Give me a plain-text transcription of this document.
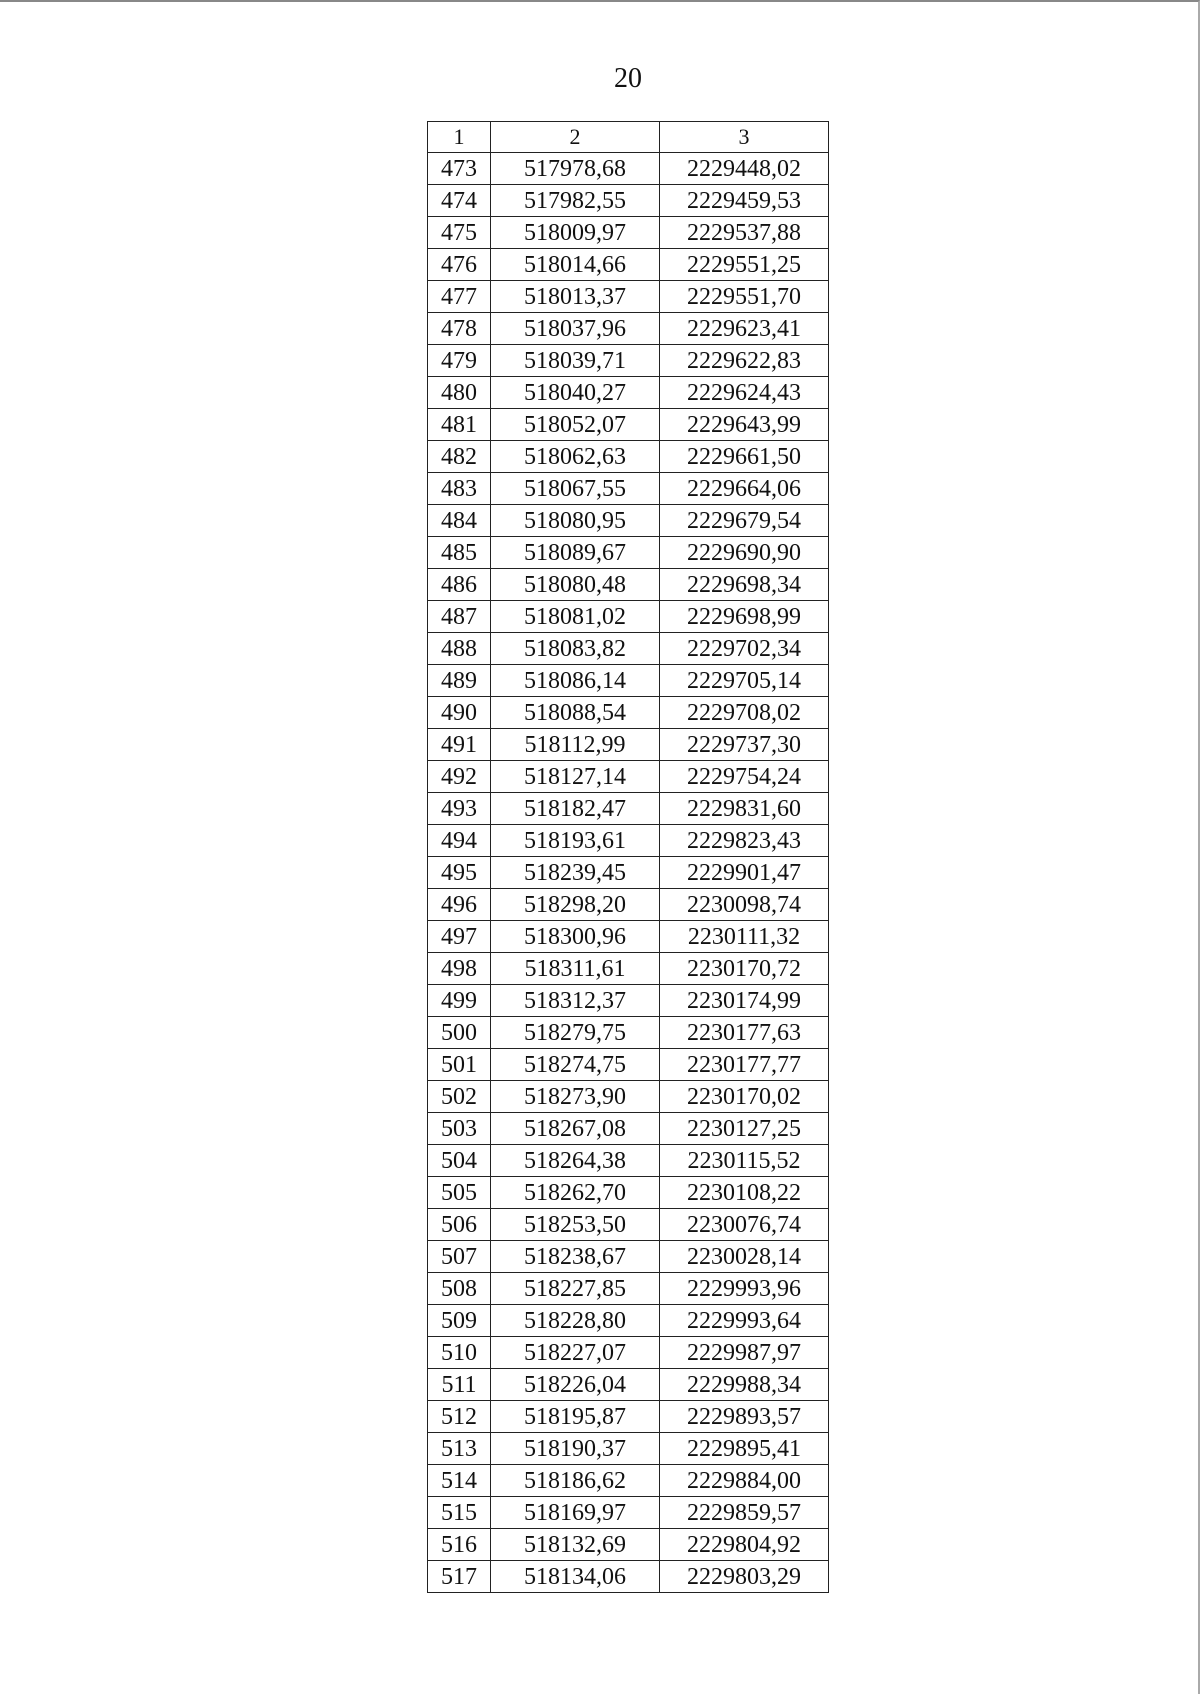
20
1	2	3
473	517978,68	2229448,02
474	517982,55	2229459,53
475	518009,97	2229537,88
476	518014,66	2229551,25
477	518013,37	2229551,70
478	518037,96	2229623,41
479	518039,71	2229622,83
480	518040,27	2229624,43
481	518052,07	2229643,99
482	518062,63	2229661,50
483	518067,55	2229664,06
484	518080,95	2229679,54
485	518089,67	2229690,90
486	518080,48	2229698,34
487	518081,02	2229698,99
488	518083,82	2229702,34
489	518086,14	2229705,14
490	518088,54	2229708,02
491	518112,99	2229737,30
492	518127,14	2229754,24
493	518182,47	2229831,60
494	518193,61	2229823,43
495	518239,45	2229901,47
496	518298,20	2230098,74
497	518300,96	2230111,32
498	518311,61	2230170,72
499	518312,37	2230174,99
500	518279,75	2230177,63
501	518274,75	2230177,77
502	518273,90	2230170,02
503	518267,08	2230127,25
504	518264,38	2230115,52
505	518262,70	2230108,22
506	518253,50	2230076,74
507	518238,67	2230028,14
508	518227,85	2229993,96
509	518228,80	2229993,64
510	518227,07	2229987,97
511	518226,04	2229988,34
512	518195,87	2229893,57
513	518190,37	2229895,41
514	518186,62	2229884,00
515	518169,97	2229859,57
516	518132,69	2229804,92
517	518134,06	2229803,29
